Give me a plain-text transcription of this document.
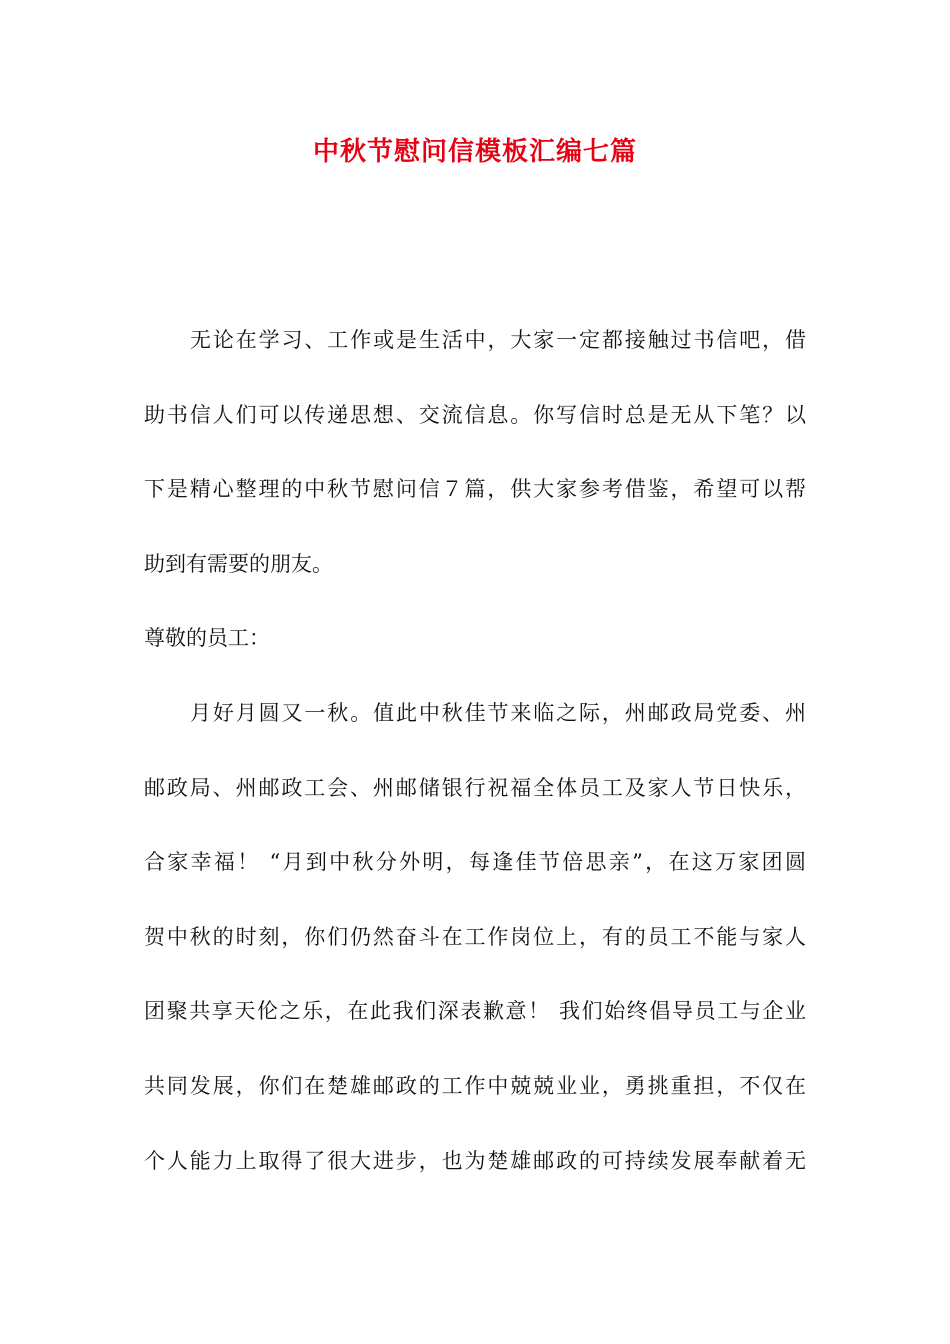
中秋节慰问信模板汇编七篇
无论在学习、工作或是生活中，大家一定都接触过书信吧，借
助书信人们可以传递思想、交流信息。你写信时总是无从下笔？以
下是精心整理的中秋节慰问信７篇，供大家参考借鉴，希望可以帮
助到有需要的朋友。
尊敬的员工：
月好月圆又一秋。值此中秋佳节来临之际，州邮政局党委、州
邮政局、州邮政工会、州邮储银行祝福全体员工及家人节日快乐，
合家幸福！ “月到中秋分外明，每逢佳节倍思亲”，在这万家团圆
贺中秋的时刻，你们仍然奋斗在工作岗位上，有的员工不能与家人
团聚共享天伦之乐，在此我们深表歉意！ 我们始终倡导员工与企业
共同发展，你们在楚雄邮政的工作中兢兢业业，勇挑重担，不仅在
个人能力上取得了很大进步，也为楚雄邮政的可持续发展奉献着无
